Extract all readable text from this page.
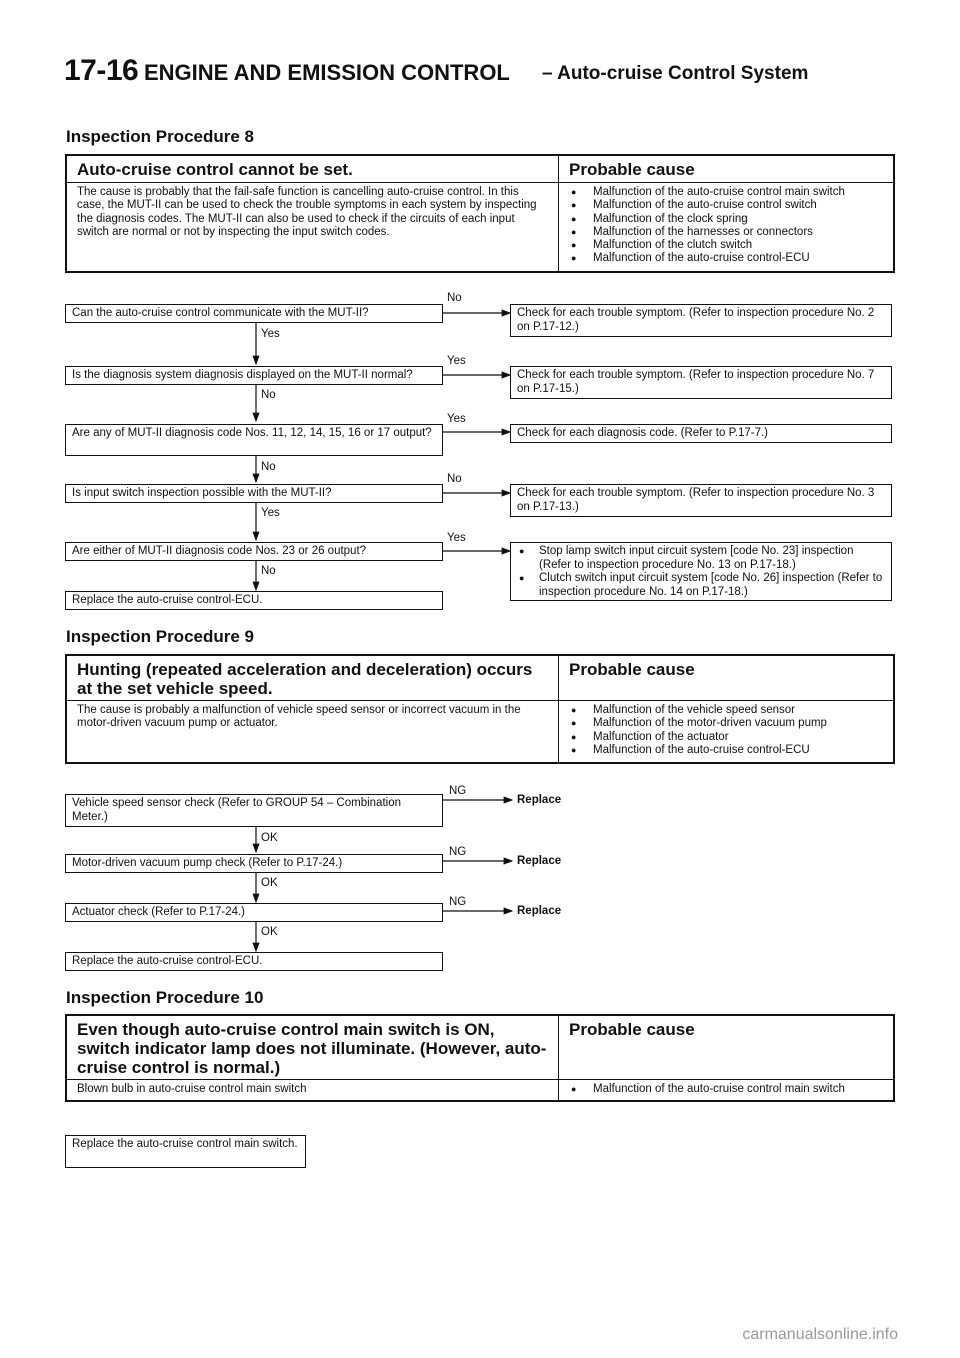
17-16 ENGINE AND EMISSION CONTROL – Auto-cruise Control System
Inspection Procedure 8
Auto-cruise control cannot be set.	Probable cause
The cause is probably that the fail-safe function is cancelling auto-cruise control. In this case, the MUT-II can be used to check the trouble symptoms in each system by inspecting the diagnosis codes. The MUT-II can also be used to check if the circuits of each input switch are normal or not by inspecting the input switch codes.
● Malfunction of the auto-cruise control main switch
● Malfunction of the auto-cruise control switch
● Malfunction of the clock spring
● Malfunction of the harnesses or connectors
● Malfunction of the clutch switch
● Malfunction of the auto-cruise control-ECU
Can the auto-cruise control communicate with the MUT-II?
No
Check for each trouble symptom. (Refer to inspection procedure No. 2 on P.17-12.)
Yes
Is the diagnosis system diagnosis displayed on the MUT-II normal?
Yes
Check for each trouble symptom. (Refer to inspection procedure No. 7 on P.17-15.)
No
Are any of MUT-II diagnosis code Nos. 11, 12, 14, 15, 16 or 17 output?
Yes
Check for each diagnosis code. (Refer to P.17-7.)
No
Is input switch inspection possible with the MUT-II?
No
Check for each trouble symptom. (Refer to inspection procedure No. 3 on P.17-13.)
Yes
Are either of MUT-II diagnosis code Nos. 23 or 26 output?
Yes
● Stop lamp switch input circuit system [code No. 23] inspection (Refer to inspection procedure No. 13 on P.17-18.)
● Clutch switch input circuit system [code No. 26] inspection (Refer to inspection procedure No. 14 on P.17-18.)
No
Replace the auto-cruise control-ECU.
Inspection Procedure 9
Hunting (repeated acceleration and deceleration) occurs at the set vehicle speed.
Probable cause
The cause is probably a malfunction of vehicle speed sensor or incorrect vacuum in the motor-driven vacuum pump or actuator.
● Malfunction of the vehicle speed sensor
● Malfunction of the motor-driven vacuum pump
● Malfunction of the actuator
● Malfunction of the auto-cruise control-ECU
Vehicle speed sensor check (Refer to GROUP 54 – Combination Meter.)
NG
Replace
OK
Motor-driven vacuum pump check (Refer to P.17-24.)
NG
Replace
OK
Actuator check (Refer to P.17-24.)
NG
Replace
OK
Replace the auto-cruise control-ECU.
Inspection Procedure 10
Even though auto-cruise control main switch is ON, switch indicator lamp does not illuminate. (However, auto-cruise control is normal.)
Probable cause
Blown bulb in auto-cruise control main switch
●	Malfunction of the auto-cruise control main switch
Replace the auto-cruise control main switch.
carmanualsonline.info
